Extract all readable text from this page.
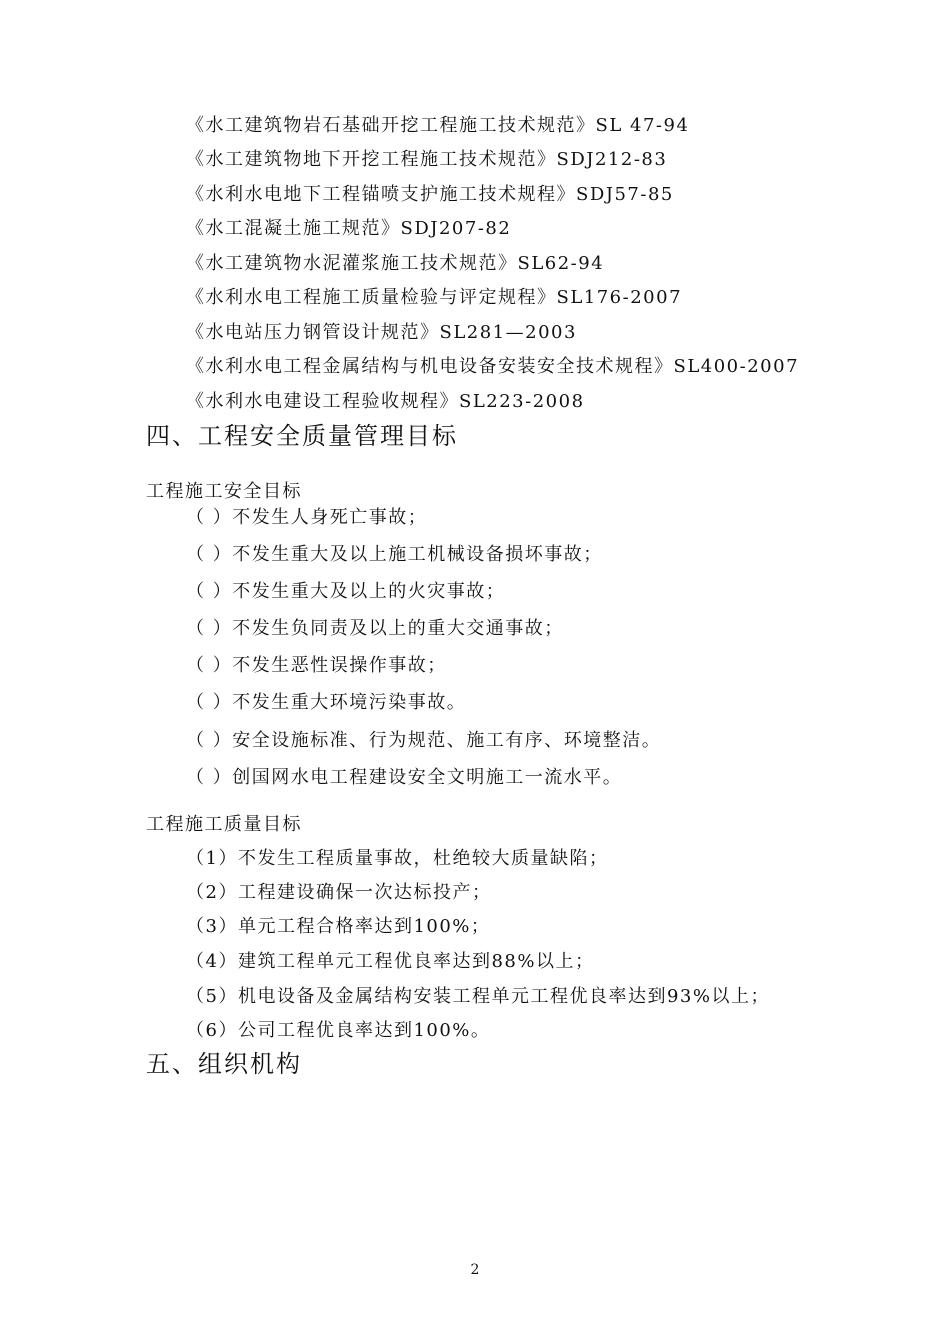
《水工建筑物岩石基础开挖工程施工技术规范》SL 47-94
《水工建筑物地下开挖工程施工技术规范》SDJ212-83
《水利水电地下工程锚喷支护施工技术规程》SDJ57-85
《水工混凝土施工规范》SDJ207-82
《水工建筑物水泥灌浆施工技术规范》SL62-94
《水利水电工程施工质量检验与评定规程》SL176-2007
《水电站压力钢管设计规范》SL281—2003
《水利水电工程金属结构与机电设备安装安全技术规程》SL400-2007
《水利水电建设工程验收规程》SL223-2008
四、工程安全质量管理目标
工程施工安全目标
（ ）不发生人身死亡事故；
（ ）不发生重大及以上施工机械设备损坏事故；
（ ）不发生重大及以上的火灾事故；
（ ）不发生负同责及以上的重大交通事故；
（ ）不发生恶性误操作事故；
（ ）不发生重大环境污染事故。
（ ）安全设施标准、行为规范、施工有序、环境整洁。
（ ）创国网水电工程建设安全文明施工一流水平。
工程施工质量目标
（1）不发生工程质量事故，杜绝较大质量缺陷；
（2）工程建设确保一次达标投产；
（3）单元工程合格率达到100%；
（4）建筑工程单元工程优良率达到88%以上；
（5）机电设备及金属结构安装工程单元工程优良率达到93%以上；
（6）公司工程优良率达到100%。
五、组织机构
2
